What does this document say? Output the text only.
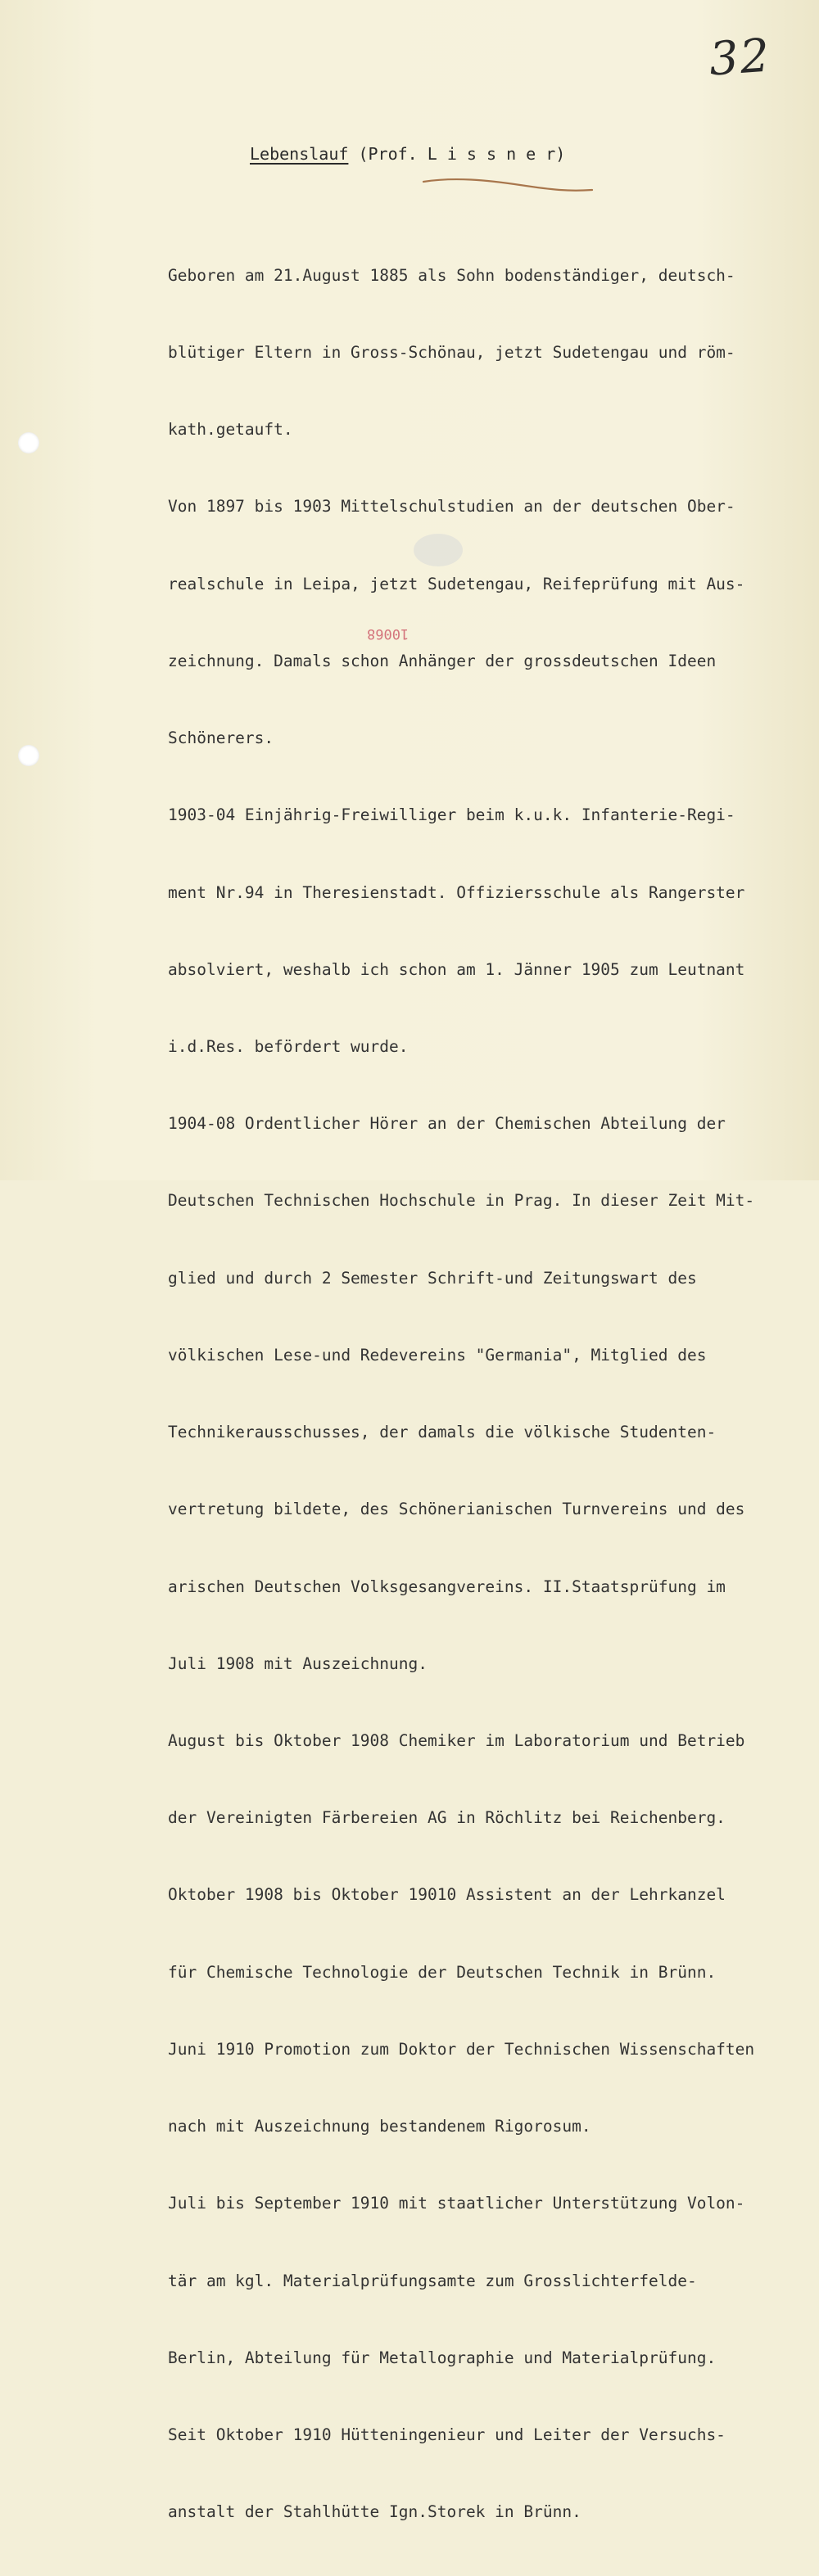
32
Lebenslauf (Prof. L i s s n e r)

Geboren am 21.August 1885 als Sohn bodenständiger, deutsch-

blütiger Eltern in Gross-Schönau, jetzt Sudetengau und röm-

kath.getauft.

Von 1897 bis 1903 Mittelschulstudien an der deutschen Ober-

realschule in Leipa, jetzt Sudetengau, Reifeprüfung mit Aus-

zeichnung. Damals schon Anhänger der grossdeutschen Ideen

Schönerers.

1903-04 Einjährig-Freiwilliger beim k.u.k. Infanterie-Regi-

ment Nr.94 in Theresienstadt. Offiziersschule als Rangerster

absolviert, weshalb ich schon am 1. Jänner 1905 zum Leutnant

i.d.Res. befördert wurde.

1904-08 Ordentlicher Hörer an der Chemischen Abteilung der

Deutschen Technischen Hochschule in Prag. In dieser Zeit Mit-

glied und durch 2 Semester Schrift-und Zeitungswart des

völkischen Lese-und Redevereins "Germania", Mitglied des

Technikerausschusses, der damals die völkische Studenten-

vertretung bildete, des Schönerianischen Turnvereins und des

arischen Deutschen Volksgesangvereins. II.Staatsprüfung im

Juli 1908 mit Auszeichnung.

August bis Oktober 1908 Chemiker im Laboratorium und Betrieb

der Vereinigten Färbereien AG in Röchlitz bei Reichenberg.

Oktober 1908 bis Oktober 19010 Assistent an der Lehrkanzel

für Chemische Technologie der Deutschen Technik in Brünn.

Juni 1910 Promotion zum Doktor der Technischen Wissenschaften

nach mit Auszeichnung bestandenem Rigorosum.

Juli bis September 1910 mit staatlicher Unterstützung Volon-

tär am kgl. Materialprüfungsamte zum Grosslichterfelde-

Berlin, Abteilung für Metallographie und Materialprüfung.

Seit Oktober 1910 Hütteningenieur und Leiter der Versuchs-

anstalt der Stahlhütte Ign.Storek in Brünn.

10068
